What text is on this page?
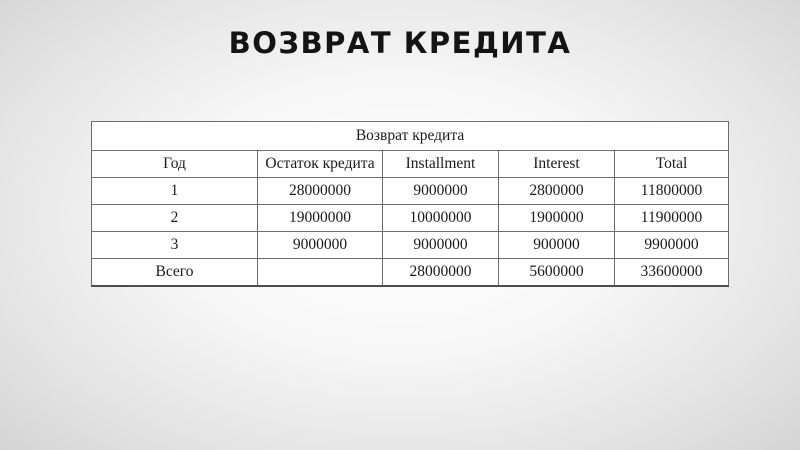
ВОЗВРАТ КРЕДИТА
Возврат кредита				
Год	Остаток кредита	Installment	Interest	Total
1	28000000	9000000	2800000	11800000
2	19000000	10000000	1900000	11900000
3	9000000	9000000	900000	9900000
Всего		28000000	5600000	33600000
